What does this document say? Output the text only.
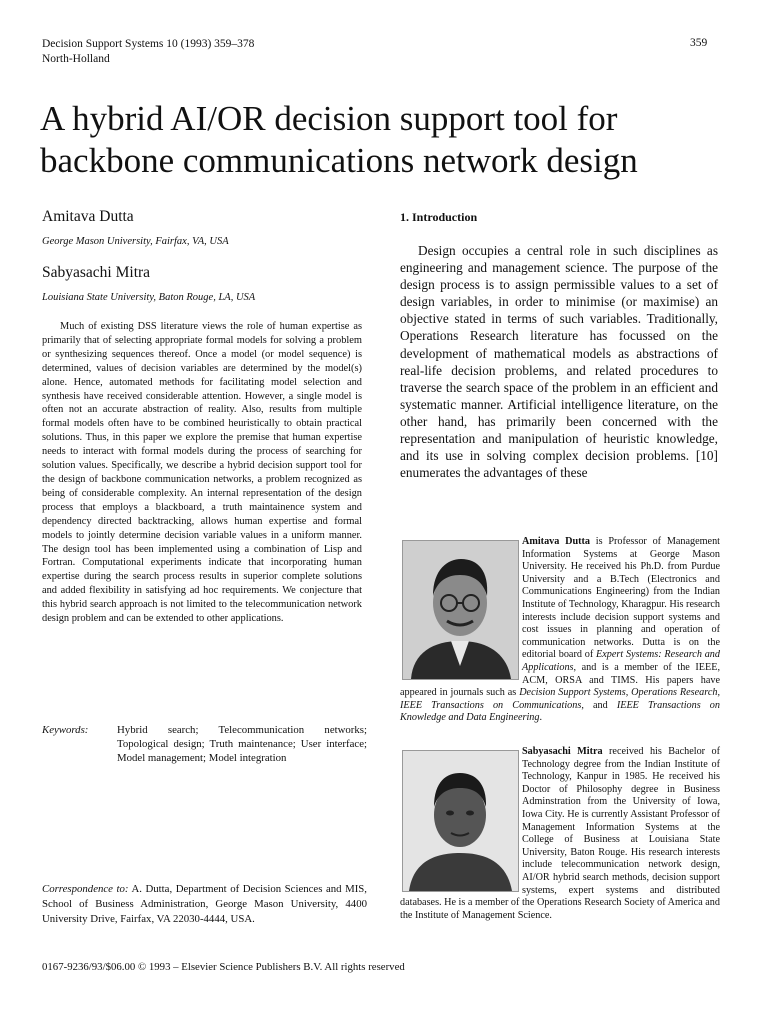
Decision Support Systems 10 (1993) 359–378
North-Holland
359
A hybrid AI/OR decision support tool for
backbone communications network design
Amitava Dutta
George Mason University, Fairfax, VA, USA
Sabyasachi Mitra
Louisiana State University, Baton Rouge, LA, USA

Much of existing DSS literature views the role of human expertise as primarily that of selecting appropriate formal models for solving a problem or synthesizing sequences thereof. Once a model (or model sequence) is determined, values of decision variables are determined by the model(s) alone. Hence, automated methods for facilitating model selection and synthesis have received considerable attention. However, a single model is often not an accurate abstraction of reality. Also, results from multiple formal models often have to be combined heuristically to obtain practical solutions. Thus, in this paper we explore the premise that human expertise needs to interact with formal models during the process of searching for solution values. Specifically, we describe a hybrid decision support tool for the design of backbone communication networks, a problem recognized as being of considerable complexity. An internal representation of the design process that employs a blackboard, a truth maintainence system and dependency directed backtracking, allows human expertise and formal models to jointly determine decision variable values in a uniform manner. The design tool has been implemented using a combination of Lisp and Fortran. Computational experiments indicate that incorporating human expertise during the search process results in superior complete solutions and added flexibility in satisfying ad hoc requirements. We conjecture that this hybrid search approach is not limited to the telecommunication network design problem and can be extended to other applications.

Keywords:	Hybrid search; Telecommunication networks; Topological design; Truth maintenance; User interface; Model management; Model integration

Correspondence to: A. Dutta, Department of Decision Sciences and MIS, School of Business Administration, George Mason University, 4400 University Drive, Fairfax, VA 22030-4444, USA.

0167-9236/93/$06.00 © 1993 – Elsevier Science Publishers B.V. All rights reserved
1. Introduction

Design occupies a central role in such disciplines as engineering and management science. The purpose of the design process is to assign permissible values to a set of design variables, in order to minimise (or maximise) an objective stated in terms of such variables. Traditionally, Operations Research literature has focussed on the development of mathematical models as abstractions of real-life decision problems, and related procedures to traverse the search space of the problem in an efficient and systematic manner. Artificial intelligence literature, on the other hand, has primarily been concerned with the representation and manipulation of heuristic knowledge, and its use in solving complex decision problems. [10] enumerates the advantages of these

Amitava Dutta is Professor of Management Information Systems at George Mason University. He received his Ph.D. from Purdue University and a B.Tech (Electronics and Communications Engineering) from the Indian Institute of Technology, Kharagpur. His research interests include decision support systems and cost issues in planning and operation of communication networks. Dutta is on the editorial board of Expert Systems: Research and Applications, and is a member of the IEEE, ACM, ORSA and TIMS. His papers have appeared in journals such as Decision Support Systems, Operations Research, IEEE Transactions on Communications, and IEEE Transactions on Knowledge and Data Engineering.

Sabyasachi Mitra received his Bachelor of Technology degree from the Indian Institute of Technology, Kanpur in 1985. He received his Doctor of Philosophy degree in Business Adminstration from the University of Iowa, Iowa City. He is currently Assistant Professor of Management Information Systems at the College of Business at Louisiana State University, Baton Rouge. His research interests include telecommunication network design, AI/OR hybrid search methods, decision support systems, expert systems and distributed databases. He is a member of the Operations Research Society of America and the Institute of Management Science.
